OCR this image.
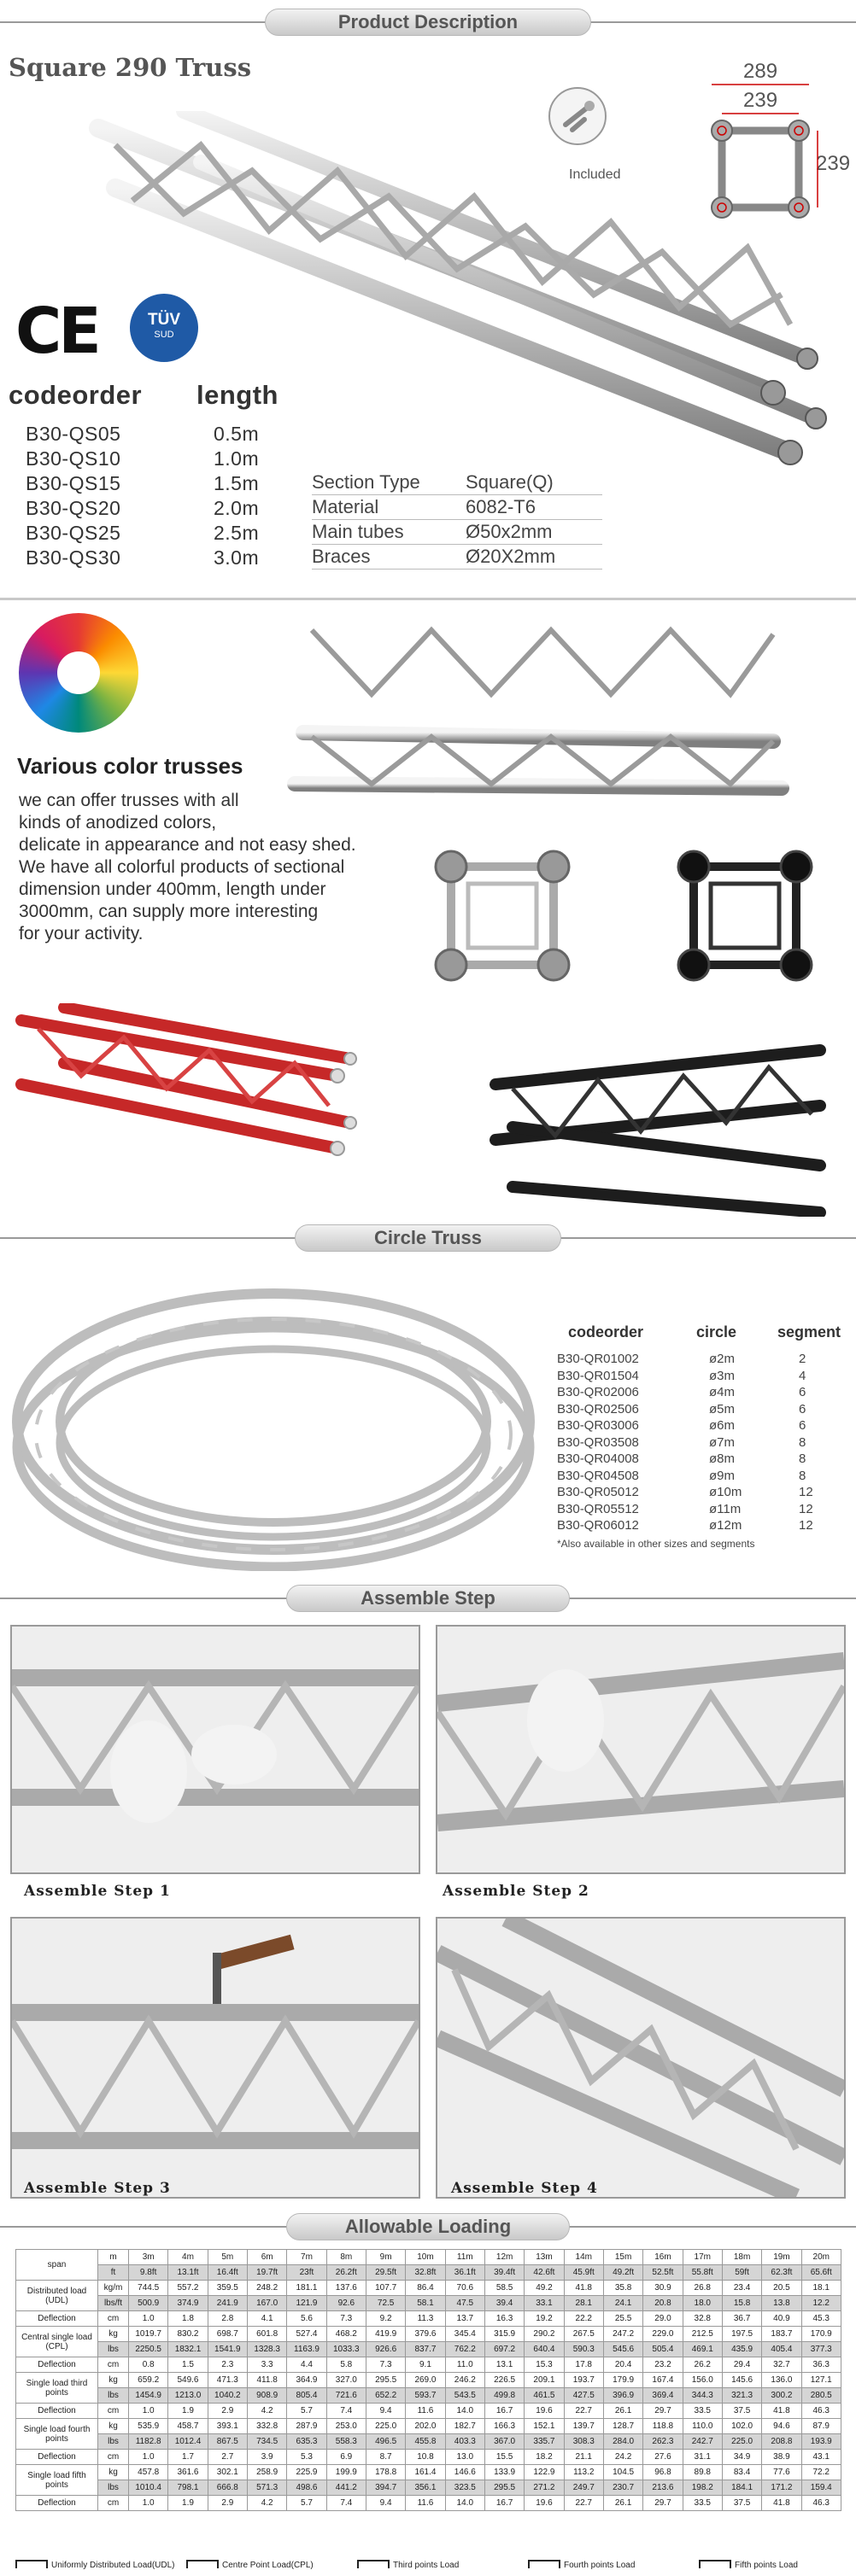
Product Description
Square 290 Truss
Included
289
239
239
CE	TÜV
SUD
codeorder length
B30-QS05	0.5m
B30-QS10	1.0m
B30-QS15	1.5m
B30-QS20	2.0m
B30-QS25	2.5m
B30-QS30	3.0m
Section Type Square(Q)
Material	6082-T6
Main tubes	Ø50x2mm
Braces	Ø20X2mm
Various color trusses
we can offer trusses with all
kinds of anodized colors,
delicate in appearance and not easy shed.
We have all colorful products of sectional
dimension under 400mm, length under
3000mm, can supply more interesting
for your activity.
Circle Truss
codeorder	circle	segment
B30-QR01002	ø2m	2
B30-QR01504	ø3m	4
B30-QR02006	ø4m	6
B30-QR02506	ø5m	6
B30-QR03006	ø6m	6
B30-QR03508	ø7m	8
B30-QR04008	ø8m	8
B30-QR04508	ø9m	8
B30-QR05012	ø10m	12
B30-QR05512	ø11m	12
B30-QR06012	ø12m	12
*Also available in other sizes and segments
Assemble Step
Assemble Step 1	Assemble Step 2
Assemble Step 3	Assemble Step 4
Allowable Loading
span	m	3m	4m	5m	6m	7m	8m	9m	10m	11m	12m	13m	14m	15m	16m	17m	18m	19m	20m
	ft	9.8ft	13.1ft	16.4ft	19.7ft	23ft	26.2ft	29.5ft	32.8ft	36.1ft	39.4ft	42.6ft	45.9ft	49.2ft	52.5ft	55.8ft	59ft	62.3ft	65.6ft
Distributed load (UDL)	kg/m	744.5	557.2	359.5	248.2	181.1	137.6	107.7	86.4	70.6	58.5	49.2	41.8	35.8	30.9	26.8	23.4	20.5	18.1
	lbs/ft	500.9	374.9	241.9	167.0	121.9	92.6	72.5	58.1	47.5	39.4	33.1	28.1	24.1	20.8	18.0	15.8	13.8	12.2
Deflection	cm	1.0	1.8	2.8	4.1	5.6	7.3	9.2	11.3	13.7	16.3	19.2	22.2	25.5	29.0	32.8	36.7	40.9	45.3
Central single load (CPL)	kg	1019.7	830.2	698.7	601.8	527.4	468.2	419.9	379.6	345.4	315.9	290.2	267.5	247.2	229.0	212.5	197.5	183.7	170.9
	lbs	2250.5	1832.1	1541.9	1328.3	1163.9	1033.3	926.6	837.7	762.2	697.2	640.4	590.3	545.6	505.4	469.1	435.9	405.4	377.3
Deflection	cm	0.8	1.5	2.3	3.3	4.4	5.8	7.3	9.1	11.0	13.1	15.3	17.8	20.4	23.2	26.2	29.4	32.7	36.3
Single load third points	kg	659.2	549.6	471.3	411.8	364.9	327.0	295.5	269.0	246.2	226.5	209.1	193.7	179.9	167.4	156.0	145.6	136.0	127.1
	lbs	1454.9	1213.0	1040.2	908.9	805.4	721.6	652.2	593.7	543.5	499.8	461.5	427.5	396.9	369.4	344.3	321.3	300.2	280.5
Deflection	cm	1.0	1.9	2.9	4.2	5.7	7.4	9.4	11.6	14.0	16.7	19.6	22.7	26.1	29.7	33.5	37.5	41.8	46.3
Single load fourth points	kg	535.9	458.7	393.1	332.8	287.9	253.0	225.0	202.0	182.7	166.3	152.1	139.7	128.7	118.8	110.0	102.0	94.6	87.9
	lbs	1182.8	1012.4	867.5	734.5	635.3	558.3	496.5	455.8	403.3	367.0	335.7	308.3	284.0	262.3	242.7	225.0	208.8	193.9
Deflection	cm	1.0	1.7	2.7	3.9	5.3	6.9	8.7	10.8	13.0	15.5	18.2	21.1	24.2	27.6	31.1	34.9	38.9	43.1
Single load fifth points	kg	457.8	361.6	302.1	258.9	225.9	199.9	178.8	161.4	146.6	133.9	122.9	113.2	104.5	96.8	89.8	83.4	77.6	72.2
	lbs	1010.4	798.1	666.8	571.3	498.6	441.2	394.7	356.1	323.5	295.5	271.2	249.7	230.7	213.6	198.2	184.1	171.2	159.4
Deflection	cm	1.0	1.9	2.9	4.2	5.7	7.4	9.4	11.6	14.0	16.7	19.6	22.7	26.1	29.7	33.5	37.5	41.8	46.3
Uniformly Distributed Load(UDL)	Centre Point Load(CPL)	Third points Load	Fourth points Load	Fifth points Load
